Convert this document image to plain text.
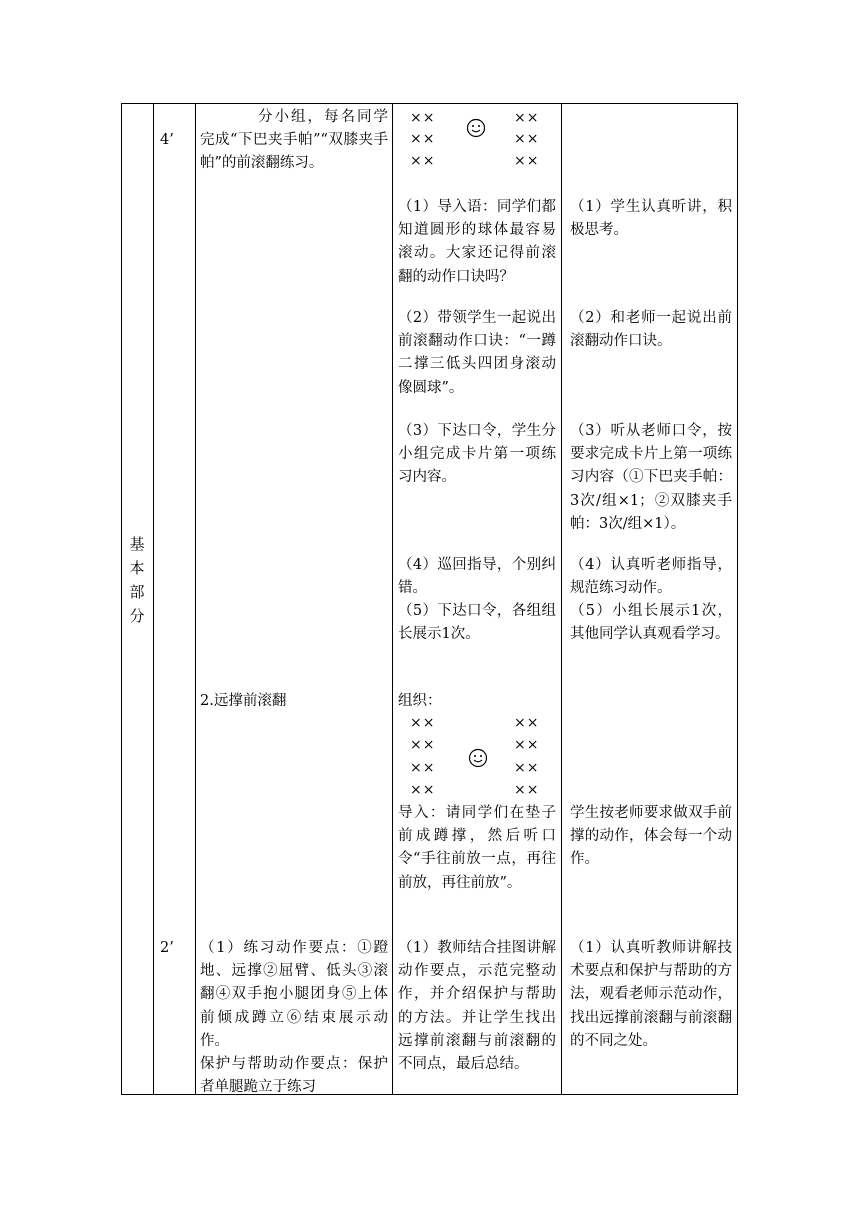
基本部分
4’
2’
分小组，每名同学完成“下巴夹手帕”“双膝夹手帕”的前滚翻练习。
××
××
××
××
××
××
（1）导入语：同学们都知道圆形的球体最容易滚动。大家还记得前滚翻的动作口诀吗？
（2）带领学生一起说出前滚翻动作口诀：“一蹲二撑三低头四团身滚动像圆球”。
（3）下达口令，学生分小组完成卡片第一项练习内容。
（4）巡回指导，个别纠错。
（5）下达口令，各组组长展示1次。
（1）学生认真听讲，积极思考。
（2）和老师一起说出前滚翻动作口诀。
（3）听从老师口令，按要求完成卡片上第一项练习内容（①下巴夹手帕：3次/组×1；②双膝夹手帕：3次/组×1）。
（4）认真听老师指导，规范练习动作。
（5）小组长展示1次，其他同学认真观看学习。
2.远撑前滚翻	组织：
××
××
××
××
××
××
××
××
导入：请同学们在垫子前成蹲撑，然后听口令“手往前放一点，再往前放，再往前放”。
学生按老师要求做双手前撑的动作，体会每一个动作。
（1）练习动作要点：①蹬地、远撑②屈臂、低头③滚翻④双手抱小腿团身⑤上体前倾成蹲立⑥结束展示动作。
保护与帮助动作要点：保护者单腿跪立于练习
（1）教师结合挂图讲解动作要点，示范完整动作，并介绍保护与帮助的方法。并让学生找出远撑前滚翻与前滚翻的不同点，最后总结。
（1）认真听教师讲解技术要点和保护与帮助的方法，观看老师示范动作，找出远撑前滚翻与前滚翻的不同之处。
